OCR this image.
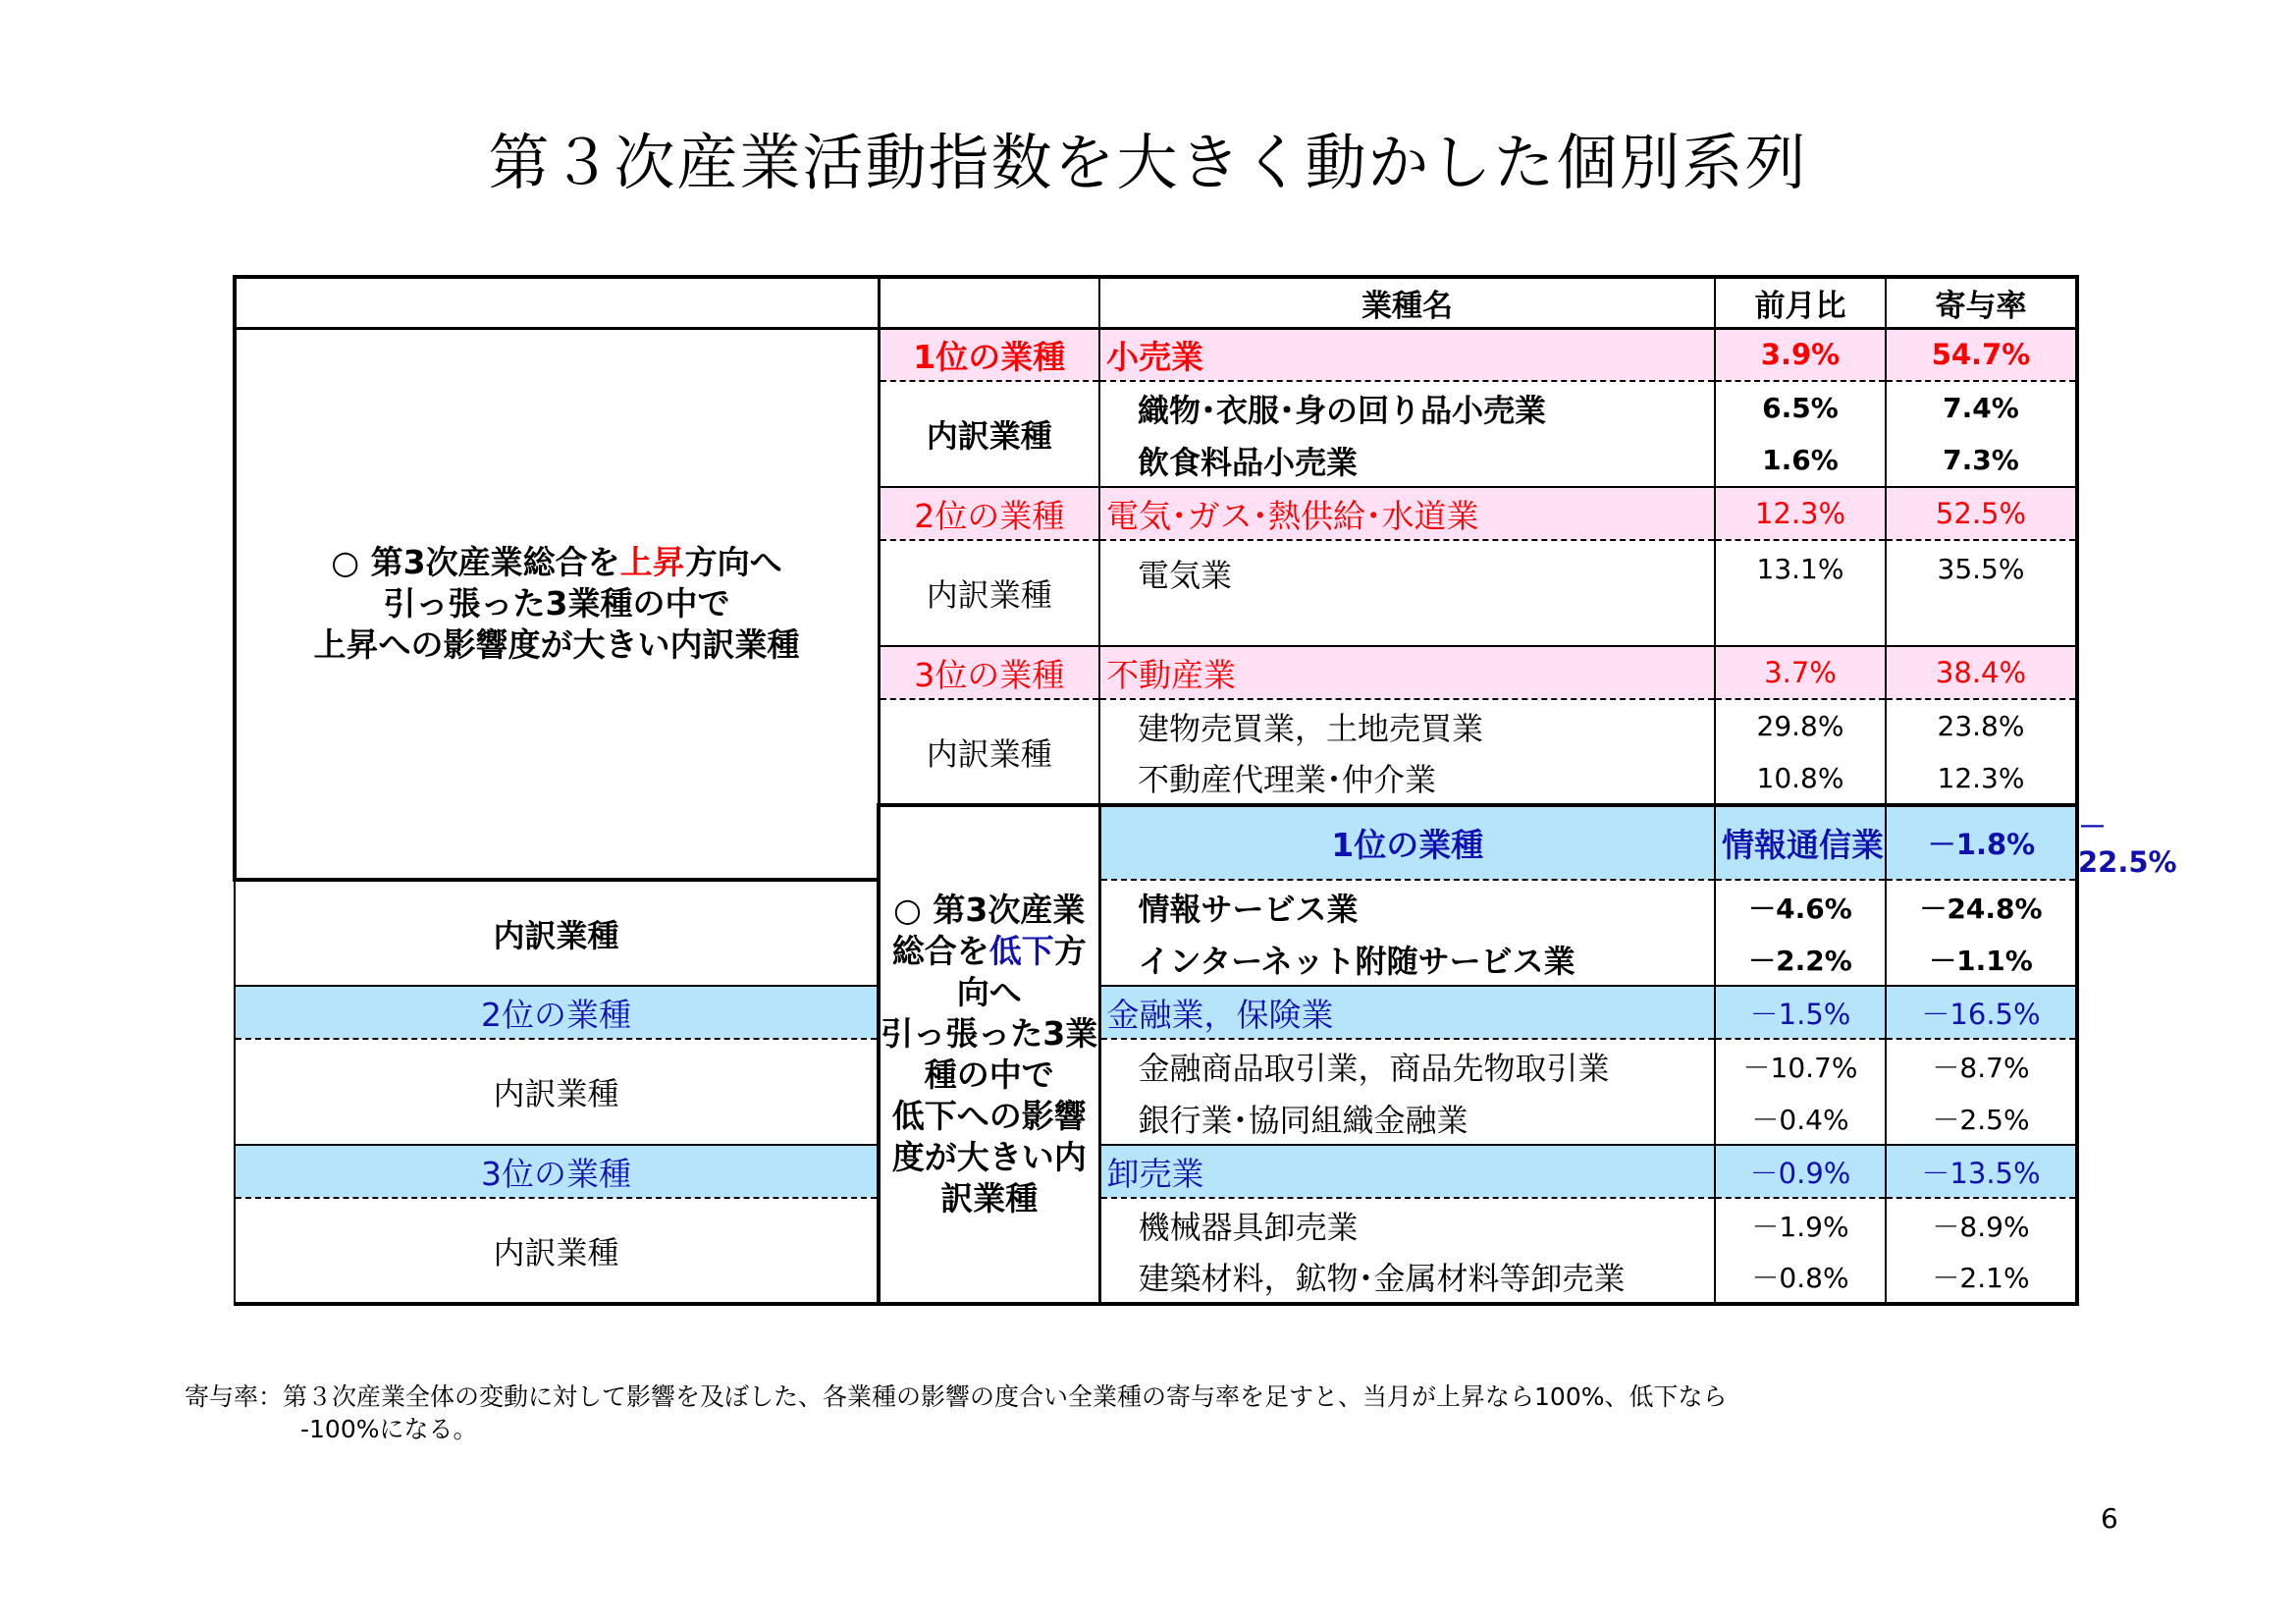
第３次産業活動指数を大きく動かした個別系列
		業種名	前月比	寄与率	

○ 第3次産業総合を上昇方向へ
引っ張った3業種の中で
上昇への影響度が大きい内訳業種	1位の業種	小売業	3.9%	54.7%	
	内訳業種	織物･衣服･身の回り品小売業	6.5%	7.4%	
		飲食料品小売業	1.6%	7.3%	
	2位の業種	電気･ガス･熱供給･水道業	12.3%	52.5%	
	内訳業種	電気業	13.1%	35.5%	
	3位の業種	不動産業	3.7%	38.4%	
	内訳業種	建物売買業，土地売買業	29.8%	23.8%	
		不動産代理業･仲介業	10.8%	12.3%	

	○ 第3次産業総合を低下方向へ
引っ張った3業種の中で
低下への影響度が大きい内訳業種	1位の業種	情報通信業	－1.8%	－22.5%
内訳業種		情報サービス業	－4.6%	－24.8%	
		インターネット附随サービス業	－2.2%	－1.1%	
2位の業種		金融業，保険業	－1.5%	－16.5%	
内訳業種		金融商品取引業，商品先物取引業	－10.7%	－8.7%	
		銀行業･協同組織金融業	－0.4%	－2.5%	
3位の業種		卸売業	－0.9%	－13.5%	
内訳業種		機械器具卸売業	－1.9%	－8.9%	
		建築材料，鉱物･金属材料等卸売業	－0.8%	－2.1%	
寄与率：第３次産業全体の変動に対して影響を及ぼした、各業種の影響の度合い全業種の寄与率を足すと、当月が上昇なら100%、低下なら
-100%になる。
6
